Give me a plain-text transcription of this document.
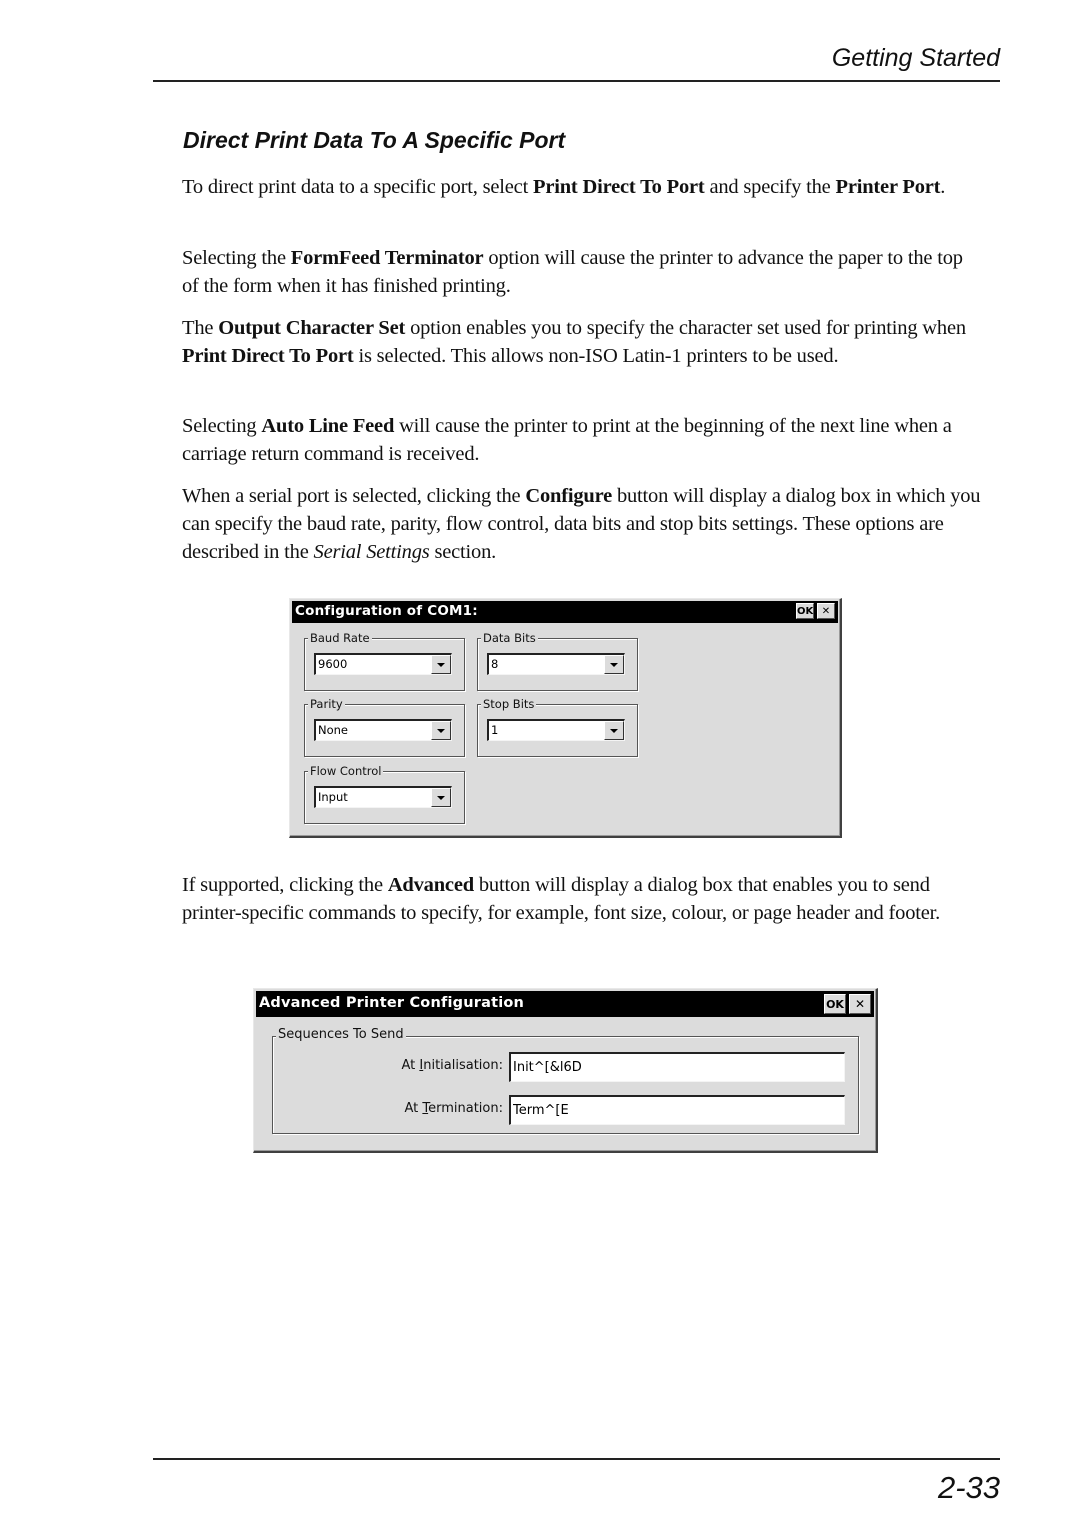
Getting Started
Direct Print Data To A Specific Port

To direct print data to a specific port, select Print Direct To Port and specify the Printer Port.

Selecting the FormFeed Terminator option will cause the printer to advance the paper to the top of the form when it has finished printing.

The Output Character Set option enables you to specify the character set used for printing when Print Direct To Port is selected. This allows non-ISO Latin-1 printers to be used.

Selecting Auto Line Feed will cause the printer to print at the beginning of the next line when a carriage return command is received.

When a serial port is selected, clicking the Configure button will display a dialog box in which you can specify the baud rate, parity, flow control, data bits and stop bits settings. These options are described in the Serial Settings section.

Configuration of COM1:	OK ✕
Baud Rate
9600
Data Bits
8
Parity
None
Stop Bits
1
Flow Control
Input

If supported, clicking the Advanced button will display a dialog box that enables you to send printer-specific commands to specify, for example, font size, colour, or page header and footer.

Advanced Printer Configuration	OK ✕
Sequences To Send
At Initialisation:
Init^[&l6D
At Termination:
Term^[E
2-33
